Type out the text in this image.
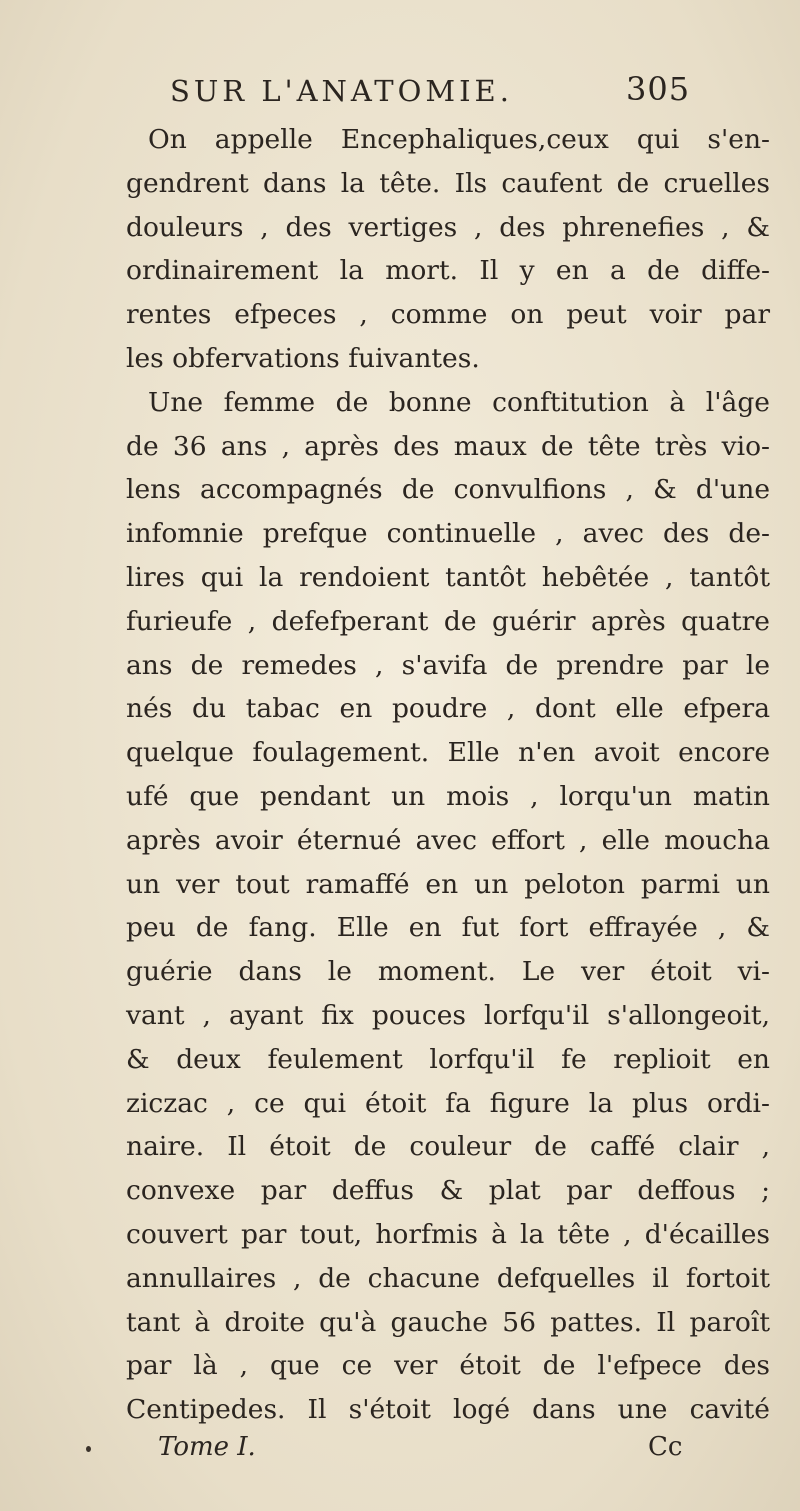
SUR L'ANATOMIE.	305
On appelle Encephaliques,ceux qui s'en-
gendrent dans la tête. Ils caufent de cruelles
douleurs , des vertiges , des phrenefies , &
ordinairement la mort. Il y en a de diffe-
rentes efpeces , comme on peut voir par
les obfervations fuivantes.
Une femme de bonne conftitution à l'âge
de 36 ans , après des maux de tête très vio-
lens accompagnés de convulfions , & d'une
infomnie prefque continuelle , avec des de-
lires qui la rendoient tantôt hebêtée , tantôt
furieufe , defefperant de guérir après quatre
ans de remedes , s'avifa de prendre par le
nés du tabac en poudre , dont elle efpera
quelque foulagement. Elle n'en avoit encore
ufé que pendant un mois , lorqu'un matin
après avoir éternué avec effort , elle moucha
un ver tout ramaffé en un peloton parmi un
peu de fang. Elle en fut fort effrayée , &
guérie dans le moment. Le ver étoit vi-
vant , ayant fix pouces lorfqu'il s'allongeoit,
& deux feulement lorfqu'il fe replioit en
ziczac , ce qui étoit fa figure la plus ordi-
naire. Il étoit de couleur de caffé clair ,
convexe par deffus & plat par deffous ;
couvert par tout, horfmis à la tête , d'écailles
annullaires , de chacune defquelles il fortoit
tant à droite qu'à gauche 56 pattes. Il paroît
par là , que ce ver étoit de l'efpece des
Centipedes. Il s'étoit logé dans une cavité
Tome I.	Cc
